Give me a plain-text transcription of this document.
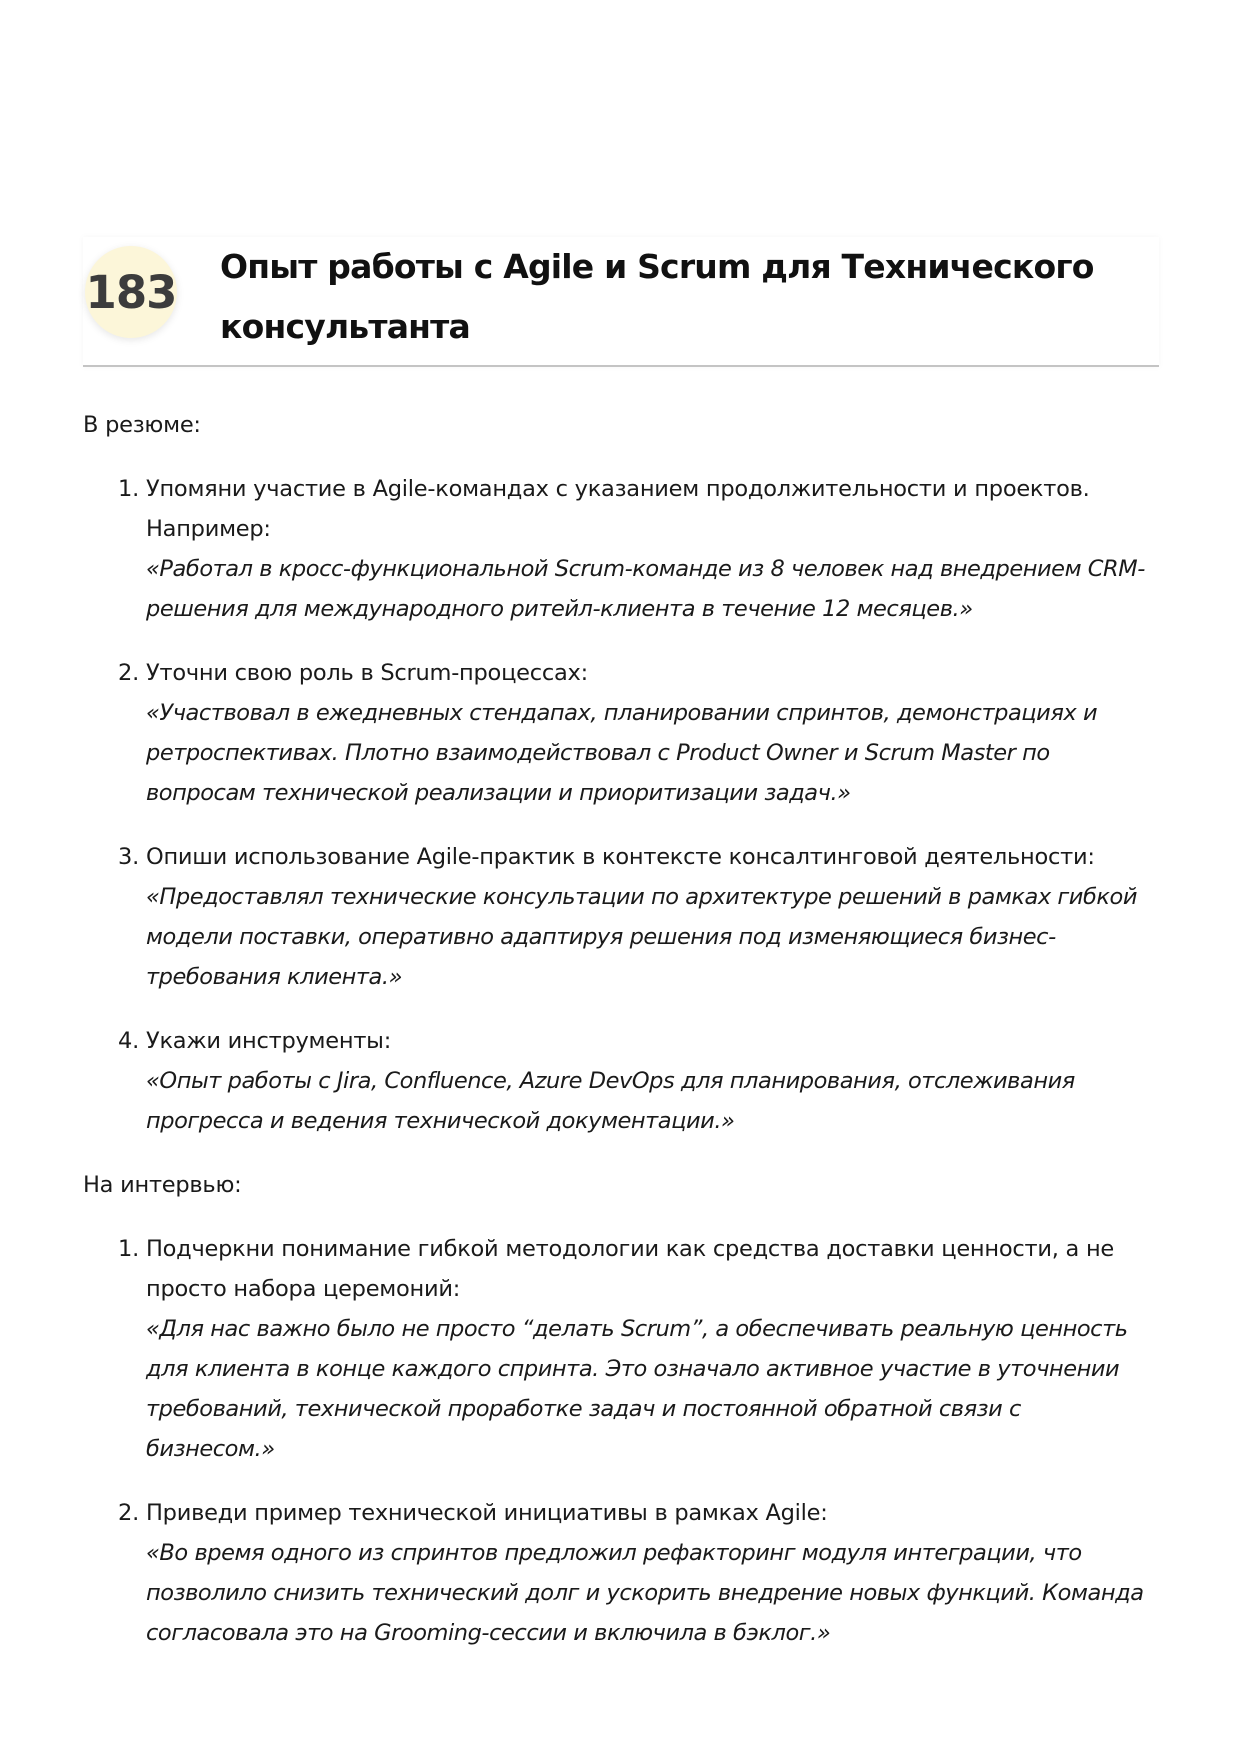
183 Опыт работы с Agile и Scrum для Технического
консультанта
В резюме:
1. Упомяни участие в Agile-командах с указанием продолжительности и проектов.
Например:
«Работал в кросс-функциональной Scrum-команде из 8 человек над внедрением CRM-
решения для международного ритейл-клиента в течение 12 месяцев.»
2. Уточни свою роль в Scrum-процессах:
«Участвовал в ежедневных стендапах, планировании спринтов, демонстрациях и
ретроспективах. Плотно взаимодействовал с Product Owner и Scrum Master по
вопросам технической реализации и приоритизации задач.»
3. Опиши использование Agile-практик в контексте консалтинговой деятельности:
«Предоставлял технические консультации по архитектуре решений в рамках гибкой
модели поставки, оперативно адаптируя решения под изменяющиеся бизнес-
требования клиента.»
4. Укажи инструменты:
«Опыт работы с Jira, Confluence, Azure DevOps для планирования, отслеживания
прогресса и ведения технической документации.»
На интервью:
1. Подчеркни понимание гибкой методологии как средства доставки ценности, а не
просто набора церемоний:
«Для нас важно было не просто “делать Scrum”, а обеспечивать реальную ценность
для клиента в конце каждого спринта. Это означало активное участие в уточнении
требований, технической проработке задач и постоянной обратной связи с
бизнесом.»
2. Приведи пример технической инициативы в рамках Agile:
«Во время одного из спринтов предложил рефакторинг модуля интеграции, что
позволило снизить технический долг и ускорить внедрение новых функций. Команда
согласовала это на Grooming-сессии и включила в бэклог.»
